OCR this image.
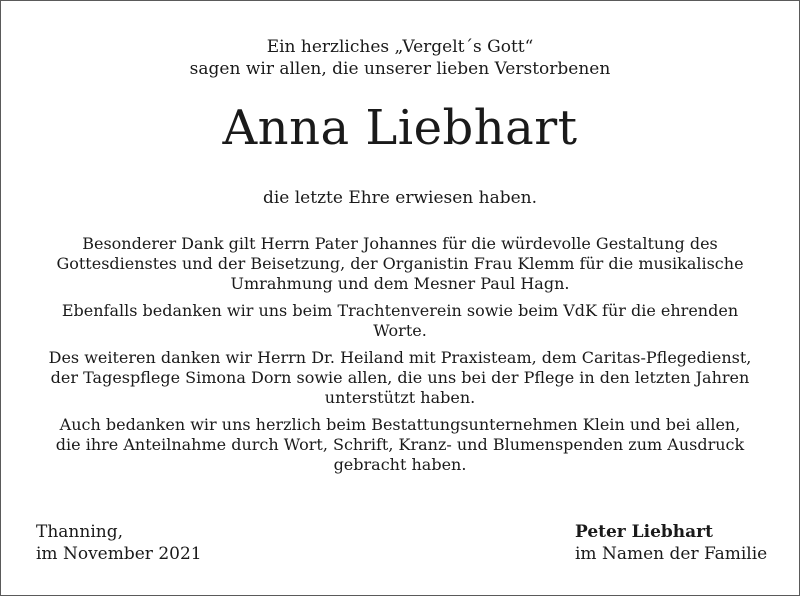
Ein herzliches „Vergelt´s Gott“
sagen wir allen, die unserer lieben Verstorbenen
Anna Liebhart
die letzte Ehre erwiesen haben.

Besonderer Dank gilt Herrn Pater Johannes für die würdevolle Gestaltung des
Gottesdienstes und der Beisetzung, der Organistin Frau Klemm für die musikalische
Umrahmung und dem Mesner Paul Hagn.

Ebenfalls bedanken wir uns beim Trachtenverein sowie beim VdK für die ehrenden
Worte.

Des weiteren danken wir Herrn Dr. Heiland mit Praxisteam, dem Caritas-Pflegedienst,
der Tagespflege Simona Dorn sowie allen, die uns bei der Pflege in den letzten Jahren
unterstützt haben.

Auch bedanken wir uns herzlich beim Bestattungsunternehmen Klein und bei allen,
die ihre Anteilnahme durch Wort, Schrift, Kranz- und Blumenspenden zum Ausdruck
gebracht haben.

Thanning,
im November 2021
Peter Liebhart
im Namen der Familie
